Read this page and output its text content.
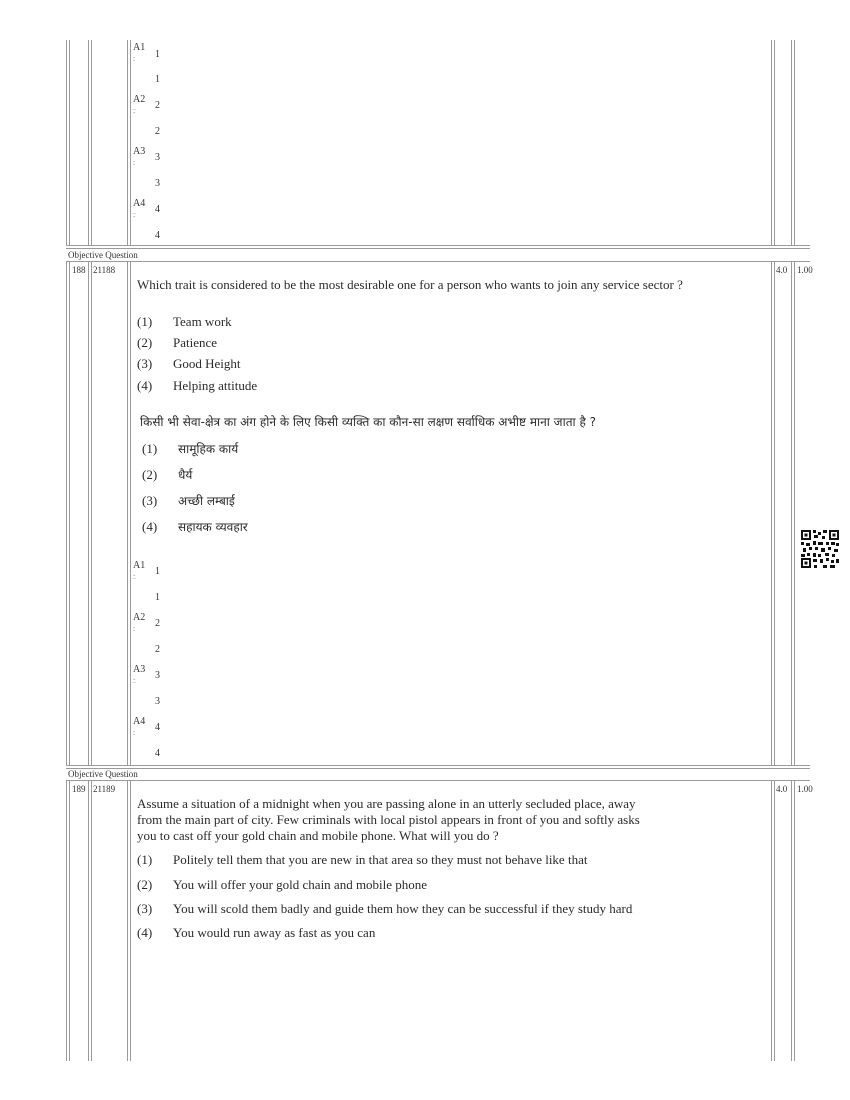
A1
: 1
1
A2
: 2
2
A3
: 3
3
A4
: 4
4
Objective Question
188 21188	4.0 1.00
Which trait is considered to be the most desirable one for a person who wants to join any service sector ?
(1) Team work
(2) Patience
(3) Good Height
(4) Helping attitude
किसी भी सेवा-क्षेत्र का अंग होने के लिए किसी व्यक्ति का कौन-सा लक्षण सर्वाधिक अभीष्ट माना जाता है ?
(1) सामूहिक कार्य
(2) धैर्य
(3) अच्छी लम्बाई
(4) सहायक व्यवहार
A1
: 1
1
A2
: 2
2
A3
: 3
3
A4
: 4
4
Objective Question
189 21189	4.0 1.00
Assume a situation of a midnight when you are passing alone in an utterly secluded place, away
from the main part of city. Few criminals with local pistol appears in front of you and softly asks
you to cast off your gold chain and mobile phone. What will you do ?
(1) Politely tell them that you are new in that area so they must not behave like that
(2) You will offer your gold chain and mobile phone
(3) You will scold them badly and guide them how they can be successful if they study hard
(4) You would run away as fast as you can
